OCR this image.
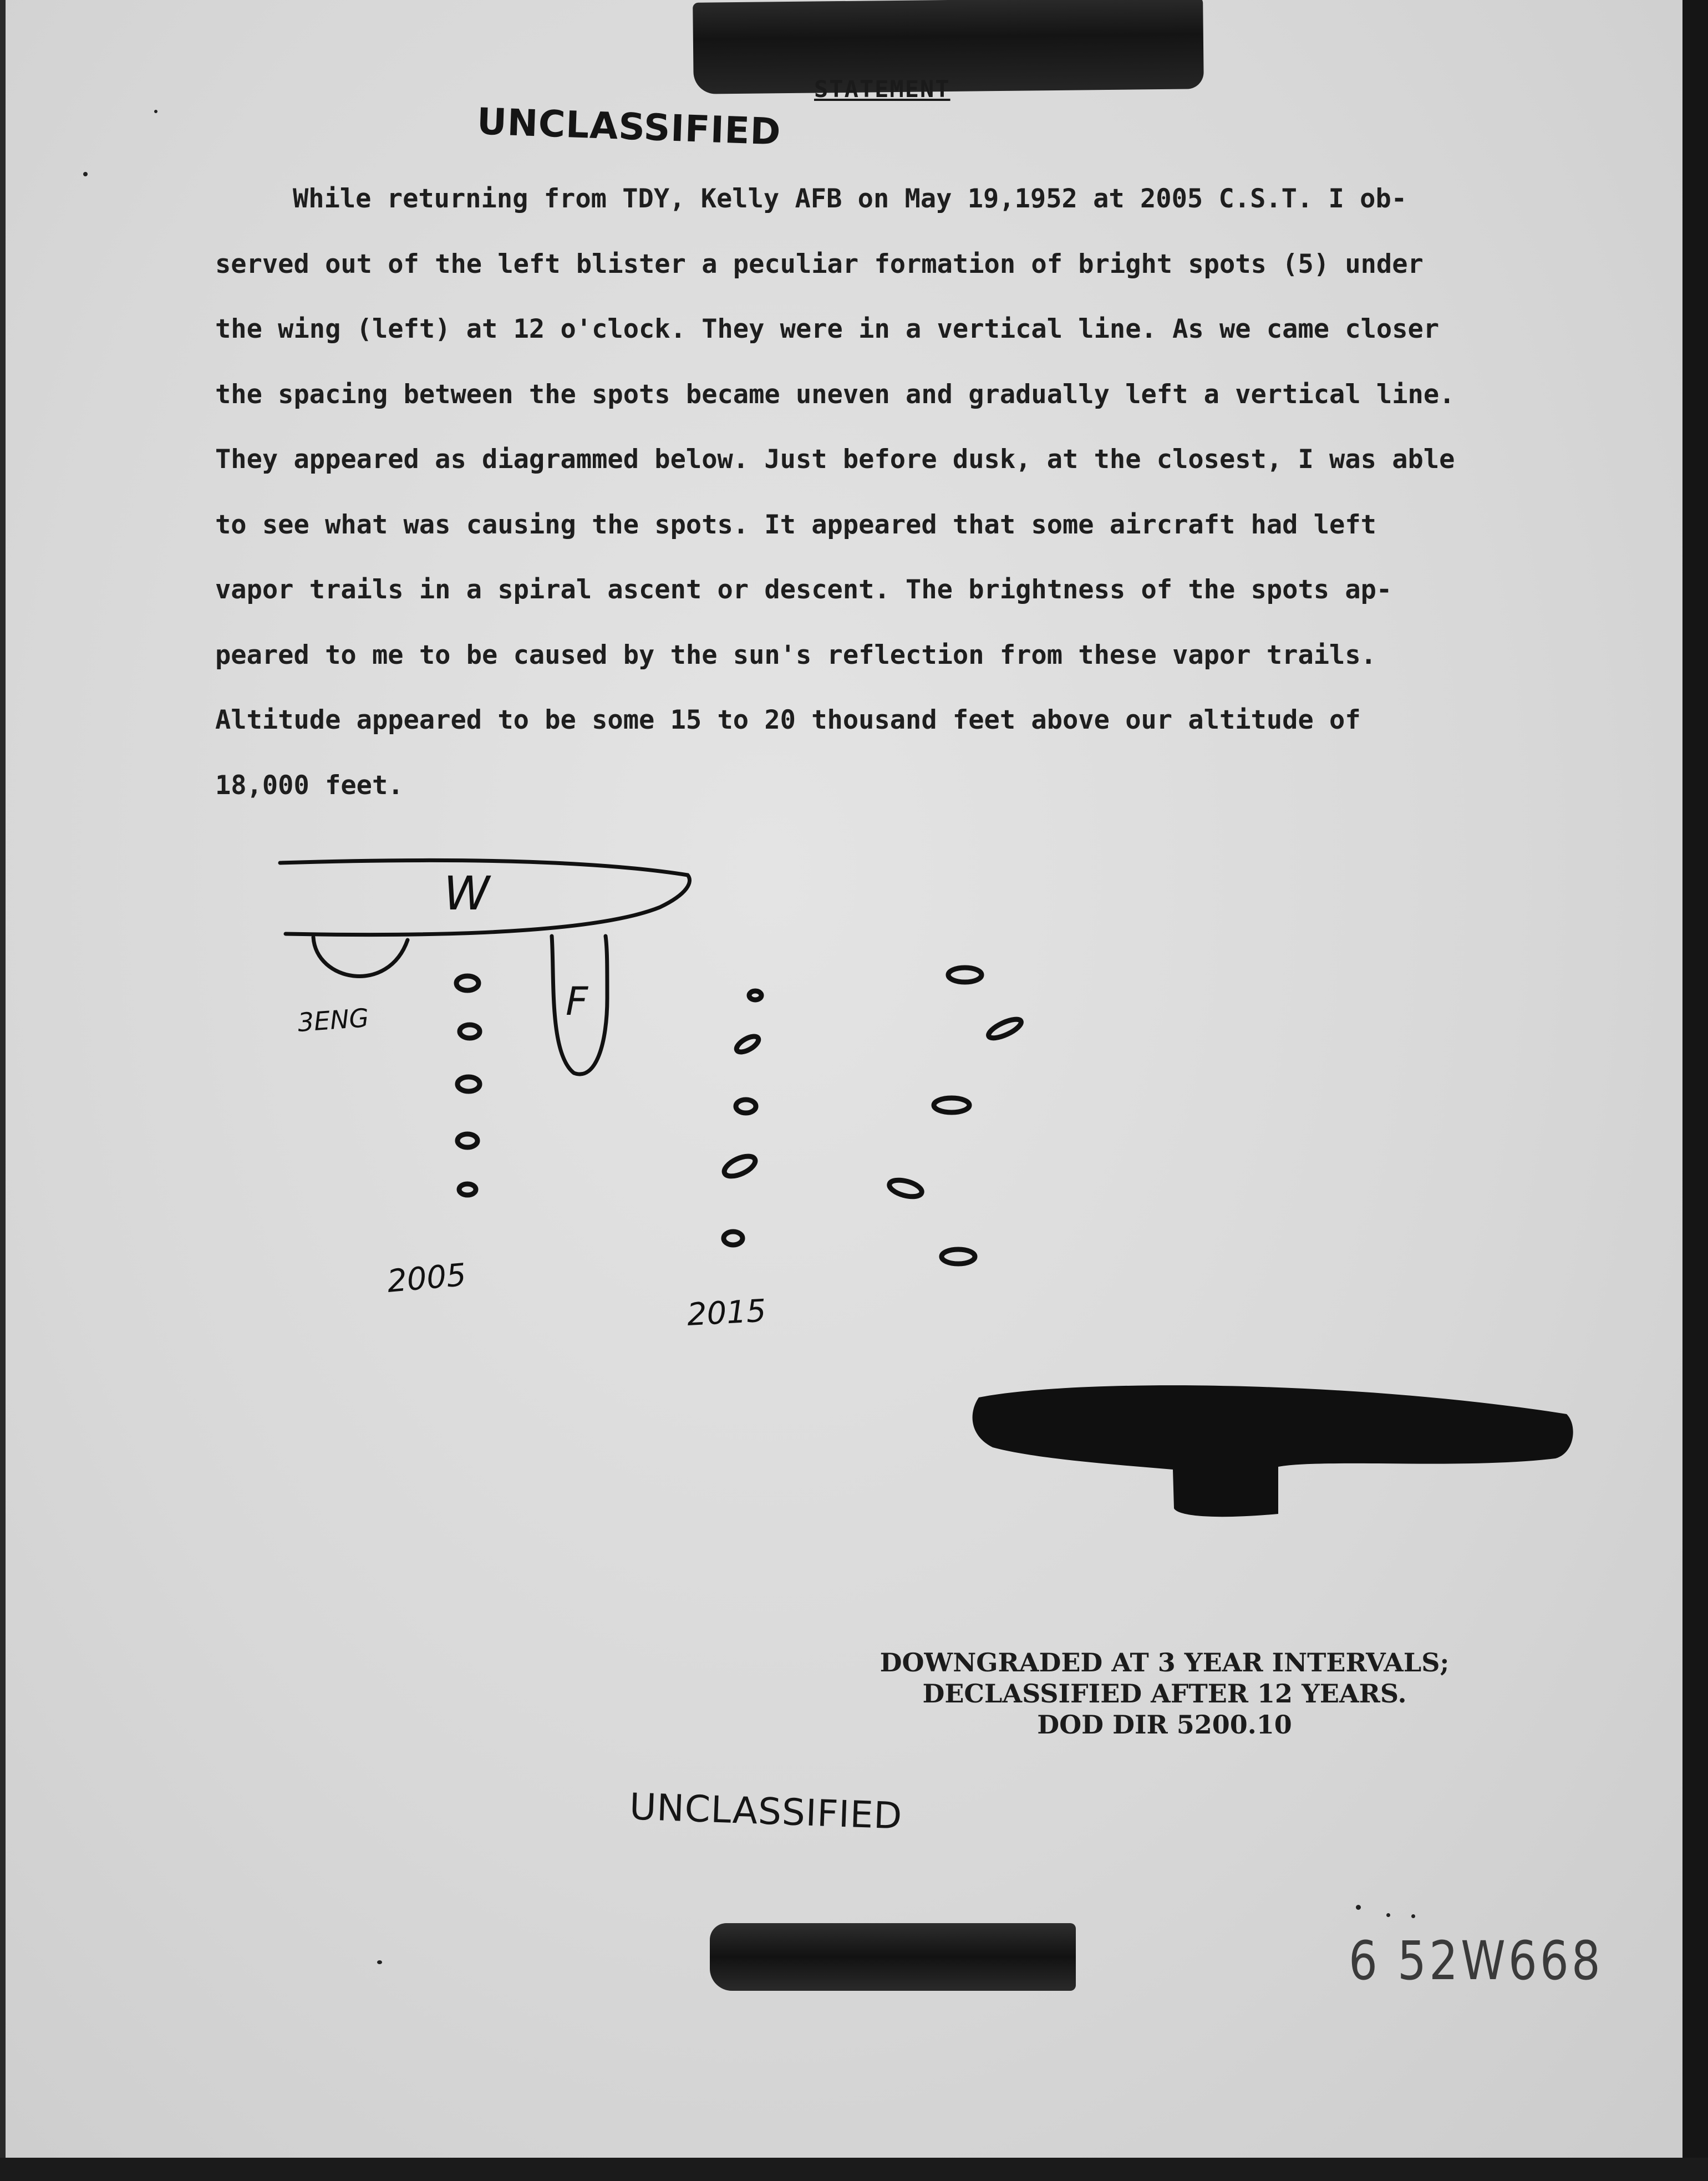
STATEMENT
UNCLASSIFIED
While returning from TDY, Kelly AFB on May 19,1952 at 2005 C.S.T. I ob-
served out of the left blister a peculiar formation of bright spots (5) under
the wing (left) at 12 o'clock. They were in a vertical line. As we came closer
the spacing between the spots became uneven and gradually left a vertical line.
They appeared as diagrammed below. Just before dusk, at the closest, I was able
to see what was causing the spots. It appeared that some aircraft had left
vapor trails in a spiral ascent or descent. The brightness of the spots ap-
peared to me to be caused by the sun's reflection from these vapor trails.
Altitude appeared to be some 15 to 20 thousand feet above our altitude of
18,000 feet.
W
3ENG	F
2005
2015
DOWNGRADED AT 3 YEAR INTERVALS;
DECLASSIFIED AFTER 12 YEARS.
DOD DIR 5200.10
UNCLASSIFIED
6 52W668
